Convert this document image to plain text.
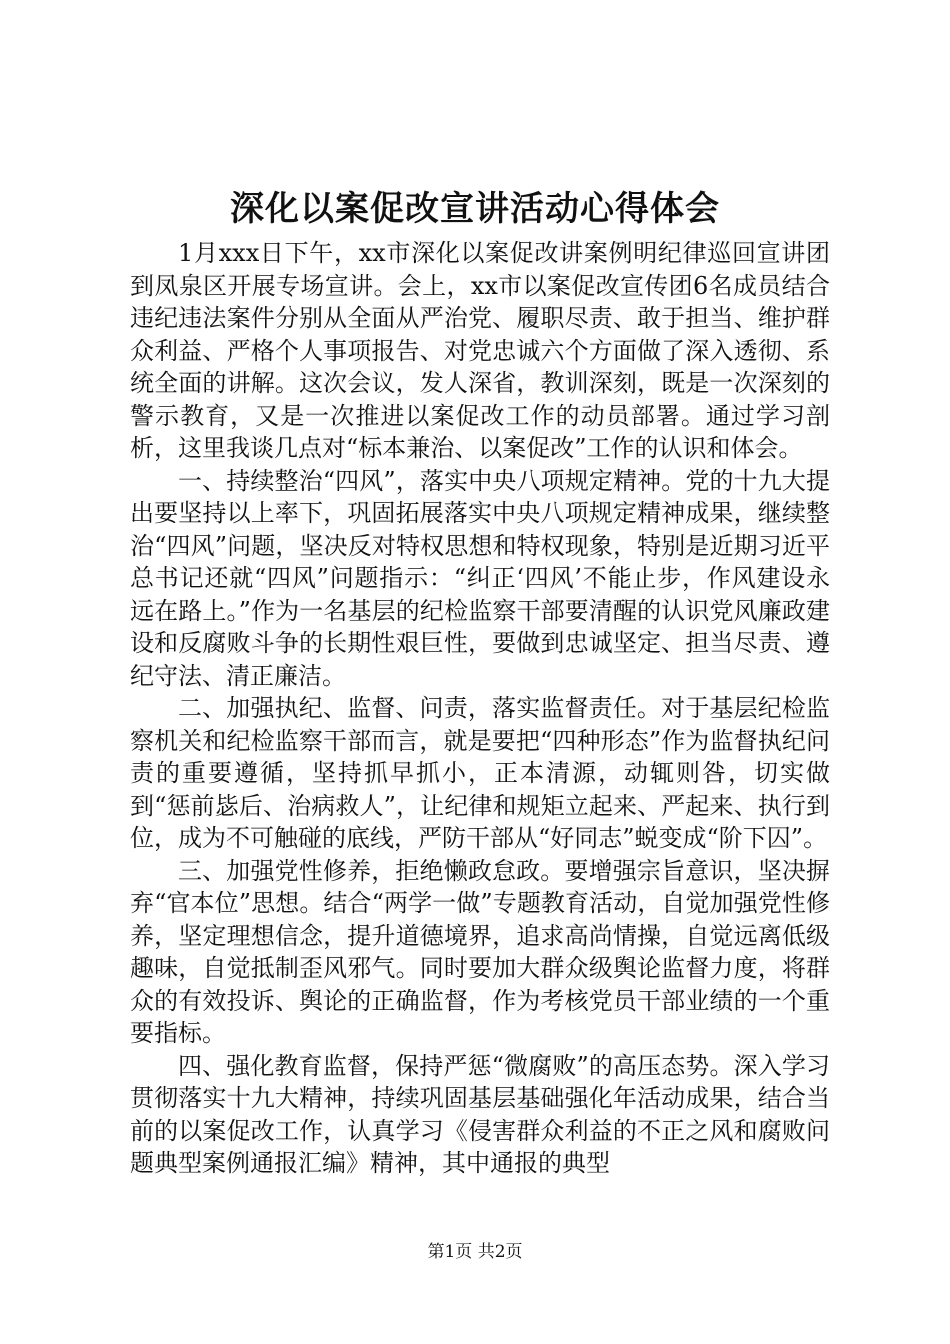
深化以案促改宣讲活动心得体会

1月xxx日下午，xx市深化以案促改讲案例明纪律巡回宣讲团到凤泉区开展专场宣讲。会上，xx市以案促改宣传团6名成员结合违纪违法案件分别从全面从严治党、履职尽责、敢于担当、维护群众利益、严格个人事项报告、对党忠诚六个方面做了深入透彻、系统全面的讲解。这次会议，发人深省，教训深刻，既是一次深刻的警示教育，又是一次推进以案促改工作的动员部署。通过学习剖析，这里我谈几点对“标本兼治、以案促改”工作的认识和体会。

一、持续整治“四风”，落实中央八项规定精神。党的十九大提出要坚持以上率下，巩固拓展落实中央八项规定精神成果，继续整治“四风”问题，坚决反对特权思想和特权现象，特别是近期习近平总书记还就“四风”问题指示：“纠正‘四风’不能止步，作风建设永远在路上。”作为一名基层的纪检监察干部要清醒的认识党风廉政建设和反腐败斗争的长期性艰巨性，要做到忠诚坚定、担当尽责、遵纪守法、清正廉洁。

二、加强执纪、监督、问责，落实监督责任。对于基层纪检监察机关和纪检监察干部而言，就是要把“四种形态”作为监督执纪问责的重要遵循，坚持抓早抓小，正本清源，动辄则咎，切实做到“惩前毖后、治病救人”，让纪律和规矩立起来、严起来、执行到位，成为不可触碰的底线，严防干部从“好同志”蜕变成“阶下囚”。

三、加强党性修养，拒绝懒政怠政。要增强宗旨意识，坚决摒弃“官本位”思想。结合“两学一做”专题教育活动，自觉加强党性修养，坚定理想信念，提升道德境界，追求高尚情操，自觉远离低级趣味，自觉抵制歪风邪气。同时要加大群众级舆论监督力度，将群众的有效投诉、舆论的正确监督，作为考核党员干部业绩的一个重要指标。

四、强化教育监督，保持严惩“微腐败”的高压态势。深入学习贯彻落实十九大精神，持续巩固基层基础强化年活动成果，结合当前的以案促改工作，认真学习《侵害群众利益的不正之风和腐败问题典型案例通报汇编》精神，其中通报的典型

第1页 共2页
